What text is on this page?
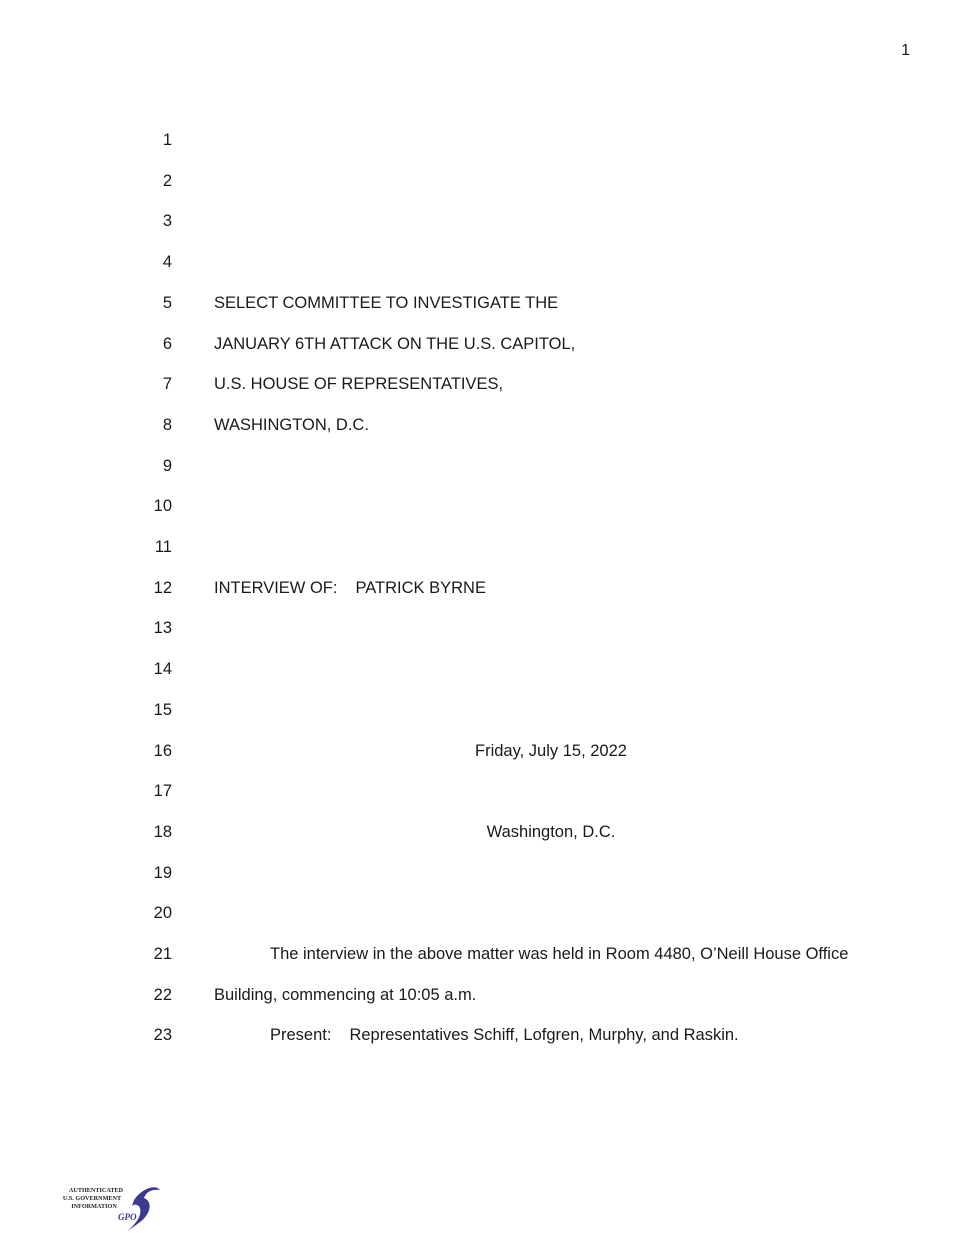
1
1
2
3
4
5	SELECT COMMITTEE TO INVESTIGATE THE
6	JANUARY 6TH ATTACK ON THE U.S. CAPITOL,
7	U.S. HOUSE OF REPRESENTATIVES,
8	WASHINGTON, D.C.
9
10
11
12	INTERVIEW OF: PATRICK BYRNE
13
14
15
16	Friday, July 15, 2022
17
18	Washington, D.C.
19
20
21	The interview in the above matter was held in Room 4480, O’Neill House Office
22	Building, commencing at 10:05 a.m.
23	Present: Representatives Schiff, Lofgren, Murphy, and Raskin.
AUTHENTICATED
U.S. GOVERNMENT
INFORMATION
GPO
